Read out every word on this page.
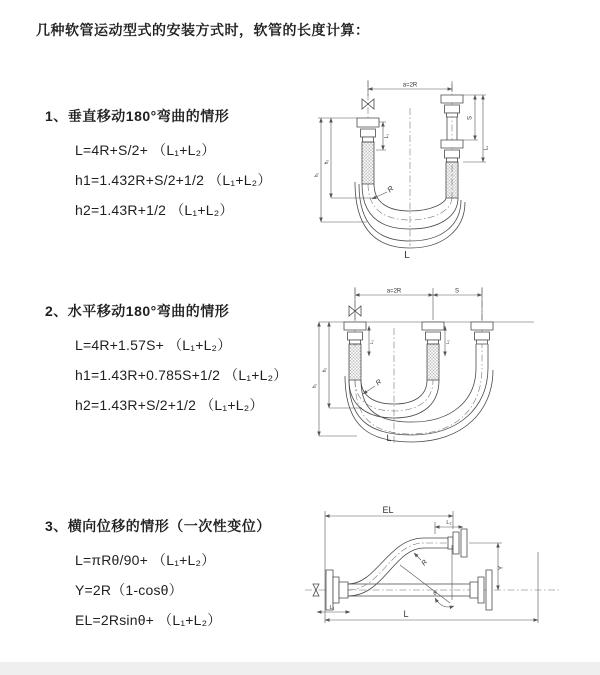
几种软管运动型式的安装方式时，软管的长度计算：
1、垂直移动180°弯曲的情形
L=4R+S/2+ （L₁+L₂）
h1=1.432R+S/2+1/2 （L₁+L₂）
h2=1.43R+1/2 （L₁+L₂）
2、水平移动180°弯曲的情形
L=4R+1.57S+ （L₁+L₂）
h1=1.43R+0.785S+1/2 （L₁+L₂）
h2=1.43R+S/2+1/2 （L₁+L₂）
3、横向位移的情形（一次性变位）
L=πRθ/90+ （L₁+L₂）
Y=2R（1-cosθ）
EL=2Rsinθ+ （L₁+L₂）
a=2R
S
L₂
L₁
h₁
h₂
R
L
a=2R	S
L₁	L₂
h₁
h₂
R
L
EL
L₂
Y
R
θ
L₁
L
